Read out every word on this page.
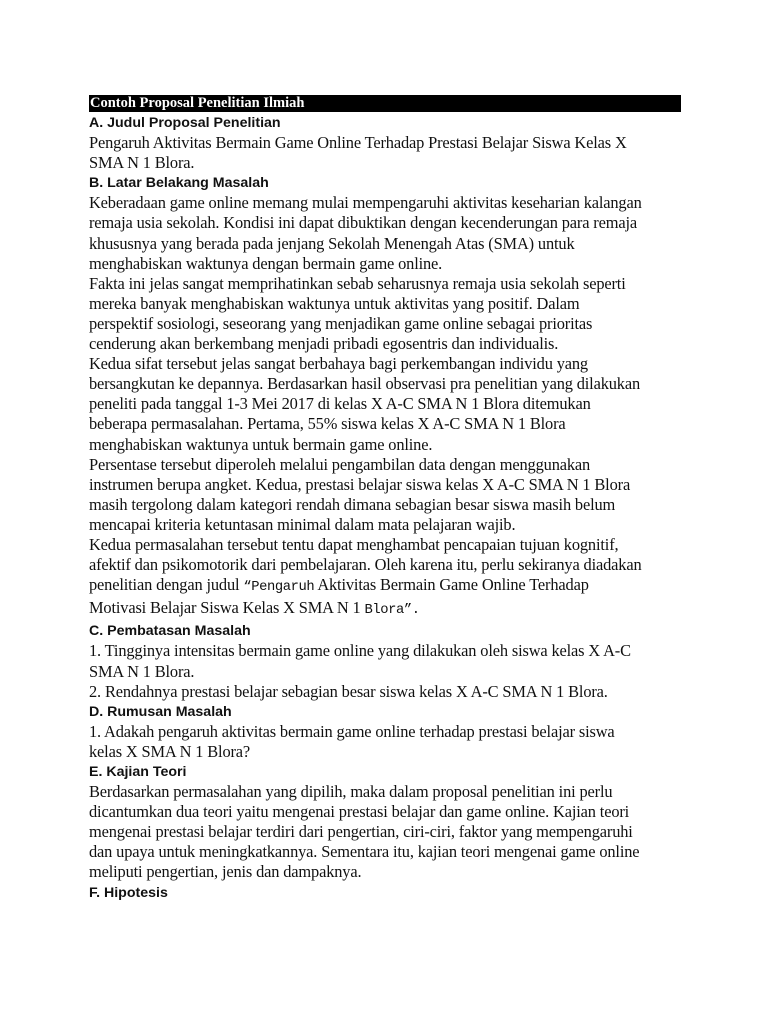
Contoh Proposal Penelitian Ilmiah
A. Judul Proposal Penelitian
Pengaruh Aktivitas Bermain Game Online Terhadap Prestasi Belajar Siswa Kelas X
SMA N 1 Blora.
B. Latar Belakang Masalah
Keberadaan game online memang mulai mempengaruhi aktivitas keseharian kalangan
remaja usia sekolah. Kondisi ini dapat dibuktikan dengan kecenderungan para remaja
khususnya yang berada pada jenjang Sekolah Menengah Atas (SMA) untuk
menghabiskan waktunya dengan bermain game online.
Fakta ini jelas sangat memprihatinkan sebab seharusnya remaja usia sekolah seperti
mereka banyak menghabiskan waktunya untuk aktivitas yang positif. Dalam
perspektif sosiologi, seseorang yang menjadikan game online sebagai prioritas
cenderung akan berkembang menjadi pribadi egosentris dan individualis.
Kedua sifat tersebut jelas sangat berbahaya bagi perkembangan individu yang
bersangkutan ke depannya. Berdasarkan hasil observasi pra penelitian yang dilakukan
peneliti pada tanggal 1-3 Mei 2017 di kelas X A-C SMA N 1 Blora ditemukan
beberapa permasalahan. Pertama, 55% siswa kelas X A-C SMA N 1 Blora
menghabiskan waktunya untuk bermain game online.
Persentase tersebut diperoleh melalui pengambilan data dengan menggunakan
instrumen berupa angket. Kedua, prestasi belajar siswa kelas X A-C SMA N 1 Blora
masih tergolong dalam kategori rendah dimana sebagian besar siswa masih belum
mencapai kriteria ketuntasan minimal dalam mata pelajaran wajib.
Kedua permasalahan tersebut tentu dapat menghambat pencapaian tujuan kognitif,
afektif dan psikomotorik dari pembelajaran. Oleh karena itu, perlu sekiranya diadakan
penelitian dengan judul “Pengaruh Aktivitas Bermain Game Online Terhadap
Motivasi Belajar Siswa Kelas X SMA N 1 Blora”.
C. Pembatasan Masalah
1. Tingginya intensitas bermain game online yang dilakukan oleh siswa kelas X A-C
SMA N 1 Blora.
2. Rendahnya prestasi belajar sebagian besar siswa kelas X A-C SMA N 1 Blora.
D. Rumusan Masalah
1. Adakah pengaruh aktivitas bermain game online terhadap prestasi belajar siswa
kelas X SMA N 1 Blora?
E. Kajian Teori
Berdasarkan permasalahan yang dipilih, maka dalam proposal penelitian ini perlu
dicantumkan dua teori yaitu mengenai prestasi belajar dan game online. Kajian teori
mengenai prestasi belajar terdiri dari pengertian, ciri-ciri, faktor yang mempengaruhi
dan upaya untuk meningkatkannya. Sementara itu, kajian teori mengenai game online
meliputi pengertian, jenis dan dampaknya.
F. Hipotesis
